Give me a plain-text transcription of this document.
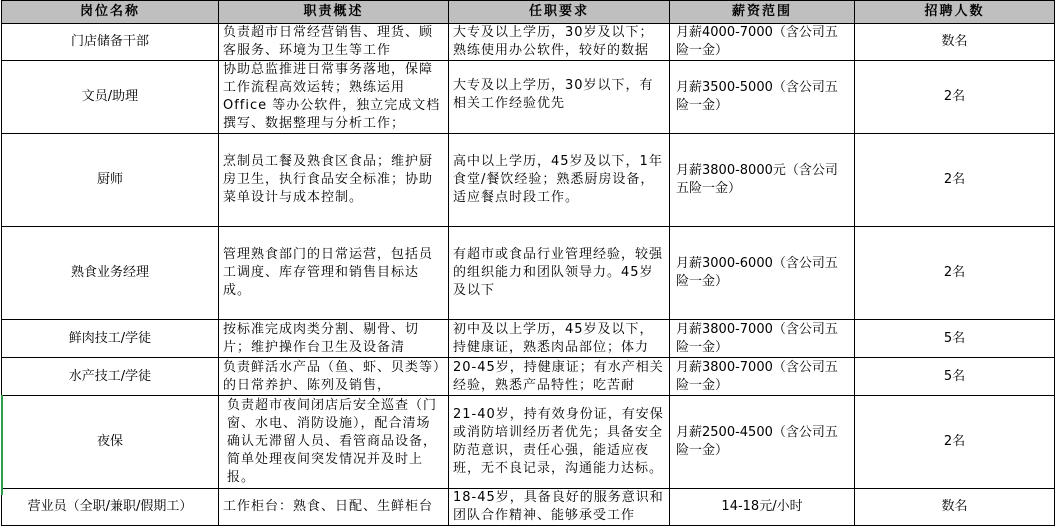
岗位名称	职责概述	任职要求	薪资范围	招聘人数
门店储备干部	负责超市日常经营销售、理货、顾客服务、环境为卫生等工作	大专及以上学历，30岁及以下；熟练使用办公软件，较好的数据	月薪4000-7000（含公司五险一金）	数名
文员/助理	协助总监推进日常事务落地，保障工作流程高效运转；熟练运用 Office 等办公软件，独立完成文档撰写、数据整理与分析工作；	大专及以上学历，30岁以下，有相关工作经验优先	月薪3500-5000（含公司五险一金）	2名
厨师	烹制员工餐及熟食区食品；维护厨房卫生，执行食品安全标准；协助菜单设计与成本控制。	高中以上学历，45岁及以下，1年食堂/餐饮经验；熟悉厨房设备，适应餐点时段工作。	月薪3800-8000元（含公司五险一金）	2名
熟食业务经理	管理熟食部门的日常运营，包括员工调度、库存管理和销售目标达成。	有超市或食品行业管理经验，较强的组织能力和团队领导力。45岁及以下	月薪3000-6000（含公司五险一金）	2名
鲜肉技工/学徒	按标准完成肉类分割、剔骨、切片；维护操作台卫生及设备清	初中及以上学历，45岁及以下，持健康证，熟悉肉品部位；体力	月薪3800-7000（含公司五险一金）	5名
水产技工/学徒	负责鲜活水产品（鱼、虾、贝类等）的日常养护、陈列及销售，	20-45岁，持健康证；有水产相关经验，熟悉产品特性；吃苦耐	月薪3800-7000（含公司五险一金）	5名
夜保	负责超市夜间闭店后安全巡查（门窗、水电、消防设施），配合清场确认无滞留人员、看管商品设备，简单处理夜间突发情况并及时上报。	21-40岁，持有效身份证，有安保或消防培训经历者优先；具备安全防范意识，责任心强，能适应夜班，无不良记录，沟通能力达标。	月薪2500-4500（含公司五险一金）	2名
营业员（全职/兼职/假期工）	工作柜台：熟食、日配、生鲜柜台	18-45岁，具备良好的服务意识和团队合作精神、能够承受工作	14-18元/小时	数名
